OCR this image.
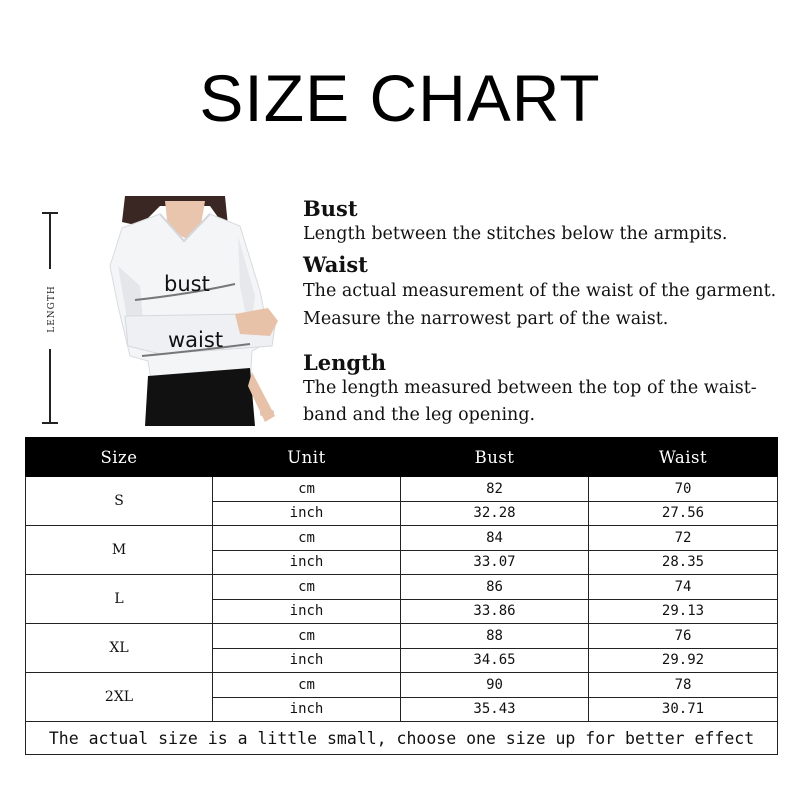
SIZE CHART
LENGTH
bust
waist
Bust
Length between the stitches below the armpits.
Waist
The actual measurement of the waist of the garment.
Measure the narrowest part of the waist.
Length
The length measured between the top of the waist-
band and the leg opening.
Size	Unit	Bust	Waist
S	cm	82	70
	inch	32.28	27.56
M	cm	84	72
	inch	33.07	28.35
L	cm	86	74
	inch	33.86	29.13
XL	cm	88	76
	inch	34.65	29.92
2XL	cm	90	78
	inch	35.43	30.71
The actual size is a little small, choose one size up for better effect			
